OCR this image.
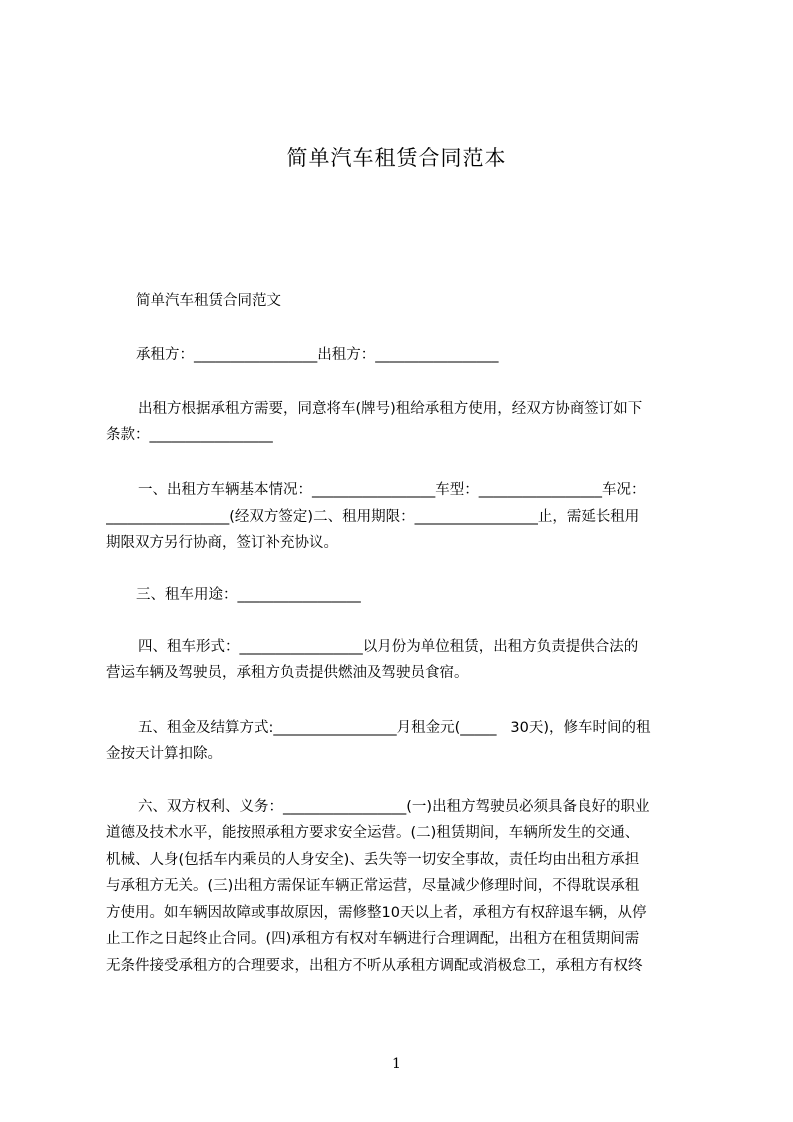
简单汽车租赁合同范本
简单汽车租赁合同范文
承租方：_________________出租方：_________________
出租方根据承租方需要，同意将车(牌号)租给承租方使用，经双方协商签订如下
条款：_________________
一、出租方车辆基本情况：_________________车型：_________________车况：
_________________(经双方签定)二、租用期限：_________________止，需延长租用
期限双方另行协商，签订补充协议。
三、租车用途：_________________
四、租车形式：_________________以月份为单位租赁，出租方负责提供合法的
营运车辆及驾驶员，承租方负责提供燃油及驾驶员食宿。
五、租金及结算方式:_________________月租金元(_____   30天)，修车时间的租
金按天计算扣除。
六、双方权利、义务：_________________(一)出租方驾驶员必须具备良好的职业
道德及技术水平，能按照承租方要求安全运营。(二)租赁期间，车辆所发生的交通、
机械、人身(包括车内乘员的人身安全)、丢失等一切安全事故，责任均由出租方承担
与承租方无关。(三)出租方需保证车辆正常运营，尽量减少修理时间，不得耽误承租
方使用。如车辆因故障或事故原因，需修整10天以上者，承租方有权辞退车辆，从停
止工作之日起终止合同。(四)承租方有权对车辆进行合理调配，出租方在租赁期间需
无条件接受承租方的合理要求，出租方不听从承租方调配或消极怠工，承租方有权终
1
